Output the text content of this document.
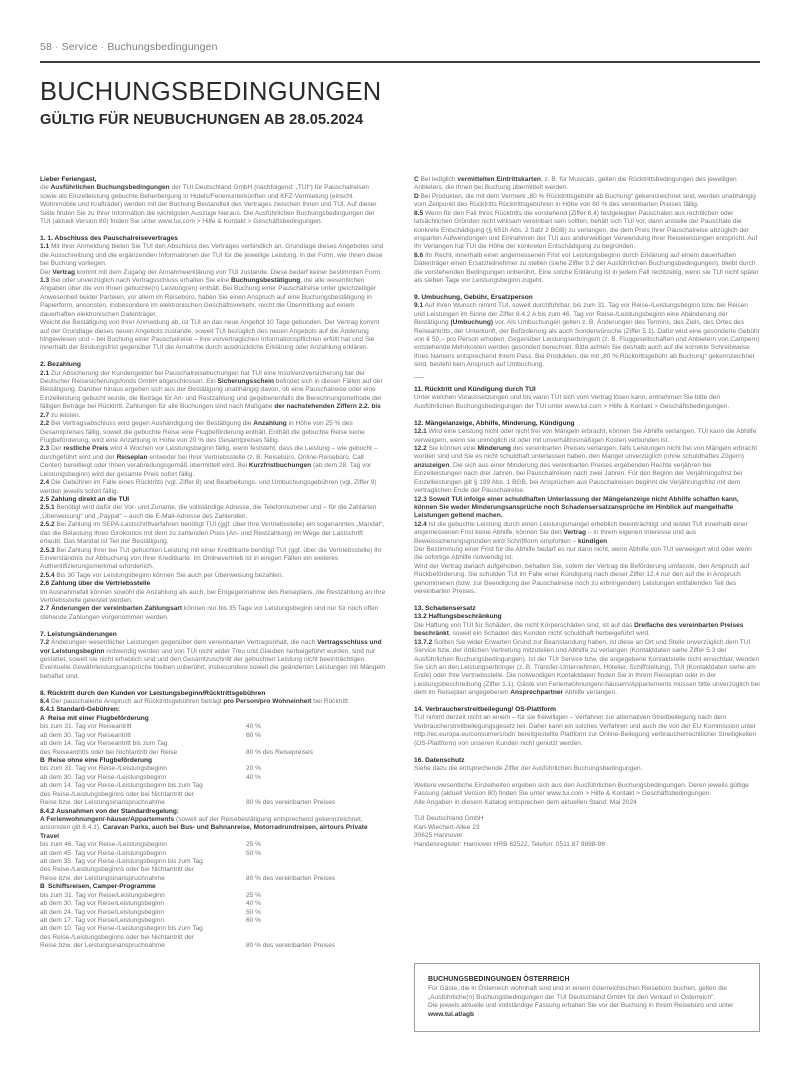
58 · Service · Buchungsbedingungen
BUCHUNGSBEDINGUNGEN
GÜLTIG FÜR NEUBUCHUNGEN AB 28.05.2024

Lieber Feriengast,

die Ausführlichen Buchungsbedingungen der TUI Deutschland GmbH (nachfolgend: „TUI“) für Pauschalreisen sowie als Einzelleistung gebuchte Beherbergung in Hotels/Ferienunterkünften und KFZ-Vermietung (einschl. Wohnmobile und Krafträder) werden mit der Buchung Bestandteil des Vertrages zwischen Ihnen und TUI. Auf dieser Seite finden Sie zu Ihrer Information die wichtigsten Auszüge hieraus. Die Ausführlichen Buchungsbedingungen der TUI (aktuell Version 80) finden Sie unter www.tui.com > Hilfe & Kontakt > Geschäftsbedingungen.

1. 1. Abschluss des Pauschalreisevertrages

1.1 Mit Ihrer Anmeldung bieten Sie TUI den Abschluss des Vertrages verbindlich an. Grundlage dieses Angebotes sind die Ausschreibung und die ergänzenden Informationen der TUI für die jeweilige Leistung, in der Form, wie Ihnen diese bei Buchung vorliegen.

Der Vertrag kommt mit dem Zugang der Annahmeerklärung von TUI zustande. Diese bedarf keiner bestimmten Form.

1.3 Bei oder unverzüglich nach Vertragsschluss erhalten Sie eine Buchungsbestätigung, die alle wesentlichen Angaben über die von Ihnen gebuchte(n) Leistung(en) enthält. Bei Buchung einer Pauschalreise unter gleichzeitiger Anwesenheit beider Parteien, vor allem im Reisebüro, haben Sie einen Anspruch auf eine Buchungsbestätigung in Papierform, ansonsten, insbesondere im elektronischen Geschäftsverkehr, reicht die Übermittlung auf einem dauerhaften elektronischen Datenträger.

Weicht die Bestätigung von Ihrer Anmeldung ab, ist TUI an das neue Angebot 10 Tage gebunden. Der Vertrag kommt auf der Grundlage dieses neuen Angebots zustande, soweit TUI bezüglich des neuen Angebots auf die Änderung hingewiesen und – bei Buchung einer Pauschalreise – ihre vorvertraglichen Informationspflichten erfüllt hat und Sie innerhalb der Bindungsfrist gegenüber TUI die Annahme durch ausdrückliche Erklärung oder Anzahlung erklären.

2. Bezahlung

2.1 Zur Absicherung der Kundengelder bei Pauschalreisebuchungen hat TUI eine Insolvenzversicherung bei der Deutscher Reisesicherungsfonds GmbH abgeschlossen. Ein Sicherungsschein befindet sich in diesen Fällen auf der Bestätigung. Darüber hinaus ergeben sich aus der Bestätigung unabhängig davon, ob eine Pauschalreise oder eine Einzelleistung gebucht wurde, die Beträge für An- und Restzahlung und gegebenenfalls die Berechnungsmethode der fälligen Beträge bei Rücktritt. Zahlungen für alle Buchungen sind nach Maßgabe der nachstehenden Ziffern 2.2. bis 2.7 zu leisten.

2.2 Bei Vertragsabschluss wird gegen Aushändigung der Bestätigung die Anzahlung in Höhe von 25 % des Gesamtpreises fällig, soweit die gebuchte Reise eine Flugbeförderung enthält. Enthält die gebuchte Reise keine Flugbeförderung, wird eine Anzahlung in Höhe von 20 % des Gesamtpreises fällig.

2.3 Der restliche Preis wird 4 Wochen vor Leistungsbeginn fällig, wenn feststeht, dass die Leistung – wie gebucht – durchgeführt wird und der Reiseplan entweder bei Ihrer Vertriebsstelle (z. B. Reisebüro, Online-Reisebüro, Call Center) bereitliegt oder Ihnen verabredungsgemäß übermittelt wird. Bei Kurzfristbuchungen (ab dem 28. Tag vor Leistungsbeginn) wird der gesamte Preis sofort fällig.

2.4 Die Gebühren im Falle eines Rücktritts (vgl. Ziffer 8) und Bearbeitungs- und Umbuchungsgebühren (vgl. Ziffer 9) werden jeweils sofort fällig.

2.5 Zahlung direkt an die TUI

2.5.1 Benötigt wird dafür der Vor- und Zuname, die vollständige Adresse, die Telefonnummer und – für die Zahlarten „Überweisung“ und „Paypal“ – auch die E-Mail-Adresse des Zahlenden.

2.5.2 Bei Zahlung im SEPA-Lastschriftverfahren benötigt TUI (ggf. über Ihre Vertriebsstelle) ein sogenanntes „Mandat“, das die Belastung Ihres Girokontos mit dem zu zahlenden Preis (An- und Restzahlung) im Wege der Lastschrift erlaubt. Das Mandat ist Teil der Bestätigung.

2.5.3 Bei Zahlung Ihrer bei TUI gebuchten Leistung mit einer Kreditkarte benötigt TUI (ggf. über die Vertriebsstelle) Ihr Einverständnis zur Abbuchung von Ihrer Kreditkarte. Im Onlinevertrieb ist in einigen Fällen ein weiteres Authentifizierungsmerkmal erforderlich.

2.5.4 Bis 30 Tage vor Leistungsbeginn können Sie auch per Überweisung bezahlen.

2.6 Zahlung über die Vertriebsstelle

Im Ausnahmefall können sowohl die Anzahlung als auch, bei Entgegennahme des Reiseplans, die Restzahlung an Ihre Vertriebsstelle geleistet werden.

2.7 Änderungen der vereinbarten Zahlungsart können nur bis 35 Tage vor Leistungsbeginn und nur für noch offen stehende Zahlungen vorgenommen werden.

7. Leistungsänderungen

7.2 Änderungen wesentlicher Leistungen gegenüber dem vereinbarten Vertragsinhalt, die nach Vertragsschluss und vor Leistungsbeginn notwendig werden und von TUI nicht wider Treu und Glauben herbeigeführt wurden, sind nur gestattet, soweit sie nicht erheblich sind und den Gesamtzuschnitt der gebuchten Leistung nicht beeinträchtigen. Eventuelle Gewährleistungsansprüche bleiben unberührt, insbesondere soweit die geänderten Leistungen mit Mängeln behaftet sind.

8. Rücktritt durch den Kunden vor Leistungsbeginn/Rücktrittsgebühren

8.4 Der pauschalierte Anspruch auf Rücktrittsgebühren beträgt pro Person/pro Wohneinheit bei Rücktritt:

8.4.1 Standard-Gebühren:

A Reise mit einer Flugbeförderung

bis zum 31. Tag vor Reiseantritt	40 %
ab dem 30. Tag vor Reiseantritt	60 %
ab dem 14. Tag vor Reiseantritt bis zum Tag
des Reiseantritts oder bei Nichtantritt der Reise	80 % des Reisepreises

B Reise ohne eine Flugbeförderung

bis zum 31. Tag vor Reise-/Leistungsbeginn	20 %
ab dem 30. Tag vor Reise-/Leistungsbeginn	40 %
ab dem 14. Tag vor Reise-/Leistungsbeginn bis zum Tag
des Reise-/Leistungsbeginns oder bei Nichtantritt der
Reise bzw. der Leistungsinanspruchnahme	80 % des vereinbarten Preises

8.4.2 Ausnahmen von der Standardregelung:

A Ferienwohnungen/-häuser/Appartements (soweit auf der Reisebestätigung entsprechend gekennzeichnet, ansonsten gilt 8.4.1), Caravan Parks, auch bei Bus- und Bahnanreise, Motorradrundreisen, airtours Private Travel

bis zum 46. Tag vor Reise-/Leistungsbeginn	25 %
ab dem 45. Tag vor Reise-/Leistungsbeginn	50 %
ab dem 35. Tag vor Reise-/Leistungsbeginn bis zum Tag
des Reise-/Leistungsbeginns oder bei Nichtantritt der
Reise bzw. der Leistungsinanspruchnahme	80 % des vereinbarten Preises

B Schiffsreisen, Camper-Programme

bis zum 31. Tag vor Reise/Leistungsbeginn	25 %
ab dem 30. Tag vor Reise/Leistungsbeginn	40 %
ab dem 24. Tag vor Reise/Leistungsbeginn	50 %
ab dem 17. Tag vor Reise/Leistungsbeginn	60 %
ab dem 10. Tag vor Reise-/Leistungsbeginn bis zum Tag
des Reise-/Leistungsbeginns oder bei Nichtantritt der
Reise bzw. der Leistungsinanspruchnahme	80 % des vereinbarten Preises

C Bei lediglich vermittelten Eintrittskarten, z. B. für Musicals, gelten die Rücktrittsbedingungen des jeweiligen Anbieters, die Ihnen bei Buchung übermittelt werden.

D Bei Produkten, die mit dem Vermerk „80 % Rücktrittsgebühr ab Buchung“ gekennzeichnet sind, werden unabhängig vom Zeitpunkt des Rücktritts Rücktrittsgebühren in Höhe von 80 % des vereinbarten Preises fällig.

8.5 Wenn für den Fall Ihres Rücktritts die vorstehend (Ziffer 8.4) festgelegten Pauschalen aus rechtlichen oder tatsächlichen Gründen nicht wirksam vereinbart sein sollten, behält sich TUI vor, dann anstelle der Pauschale die konkrete Entschädigung (§ 651h Abs. 2 Satz 2 BGB) zu verlangen, die dem Preis Ihrer Pauschalreise abzüglich der ersparten Aufwendungen und Einnahmen der TUI aus anderweitiger Verwendung Ihrer Reiseleistungen entspricht. Auf Ihr Verlangen hat TUI die Höhe der konkreten Entschädigung zu begründen.

8.6 Ihr Recht, innerhalb einer angemessenen Frist vor Leistungsbeginn durch Erklärung auf einem dauerhaften Datenträger einen Ersatzteilnehmer zu stellen (siehe Ziffer 9.2 der Ausführlichen Buchungsbedingungen), bleibt durch die vorstehenden Bedingungen unberührt. Eine solche Erklärung ist in jedem Fall rechtzeitig, wenn sie TUI nicht später als sieben Tage vor Leistungsbeginn zugeht.

9. Umbuchung, Gebühr, Ersatzperson

9.1 Auf Ihren Wunsch nimmt TUI, soweit durchführbar, bis zum 31. Tag vor Reise-/Leistungsbeginn bzw. bei Reisen und Leistungen im Sinne der Ziffer 8.4.2 A bis zum 46. Tag vor Reise-/Leistungsbeginn eine Abänderung der Bestätigung (Umbuchung) vor. Als Umbuchungen gelten z. B. Änderungen des Termins, des Ziels, des Ortes des Reiseantritts, der Unterkunft, der Beförderung als auch Sonderwünsche (Ziffer 5.1). Dafür wird eine gesonderte Gebühr von € 50,– pro Person erhoben. Gegenüber Leistungserbringem (z. B. Fluggesellschaften und Anbietern von Campern) entstehende Mehrkosten werden gesondert berechnet. Bitte achten Sie deshalb auch auf die korrekte Schreibweise Ihres Namens entsprechend Ihrem Pass. Bei Produkten, die mit „80 % Rücktrittsgebühr ab Buchung“ gekennzeichnet sind, besteht kein Anspruch auf Umbuchung.

11. Rücktritt und Kündigung durch TUI

Unter welchen Voraussetzungen und bis wann TUI sich vom Vertrag lösen kann, entnehmen Sie bitte den Ausführlichen Buchungsbedingungen der TUI unter www.tui.com > Hilfe & Kontakt > Geschäftsbedingungen.

12. Mängelanzeige, Abhilfe, Minderung, Kündigung

12.1 Wird eine Leistung nicht oder nicht frei von Mängeln erbracht, können Sie Abhilfe verlangen. TUI kann die Abhilfe verweigern, wenn sie unmöglich ist oder mit unverhältnismäßigen Kosten verbunden ist.

12.2 Sie können eine Minderung des vereinbarten Preises verlangen, falls Leistungen nicht frei von Mängeln erbracht worden sind und Sie es nicht schuldhaft unterlassen haben, den Mangel unverzüglich (ohne schuldhaftes Zögern) anzuzeigen. Die sich aus einer Minderung des vereinbarten Preises ergebenden Rechte verjähren bei Einzelleistungen nach drei Jahren, bei Pauschalreisen nach zwei Jahren. Für den Beginn der Verjährungsfrist bei Einzelleistungen gilt § 199 Abs. 1 BGB, bei Ansprüchen aus Pauschalreisen beginnt die Verjährungsfrist mit dem vertraglichen Ende der Pauschalreise.

12.3 Soweit TUI infolge einer schuldhaften Unterlassung der Mängelanzeige nicht Abhilfe schaffen kann, können Sie weder Minderungsansprüche noch Schadensersatzansprüche im Hinblick auf mangelhafte Leistungen geltend machen.

12.4 Ist die gebuchte Leistung durch einen Leistungsmangel erheblich beeinträchtigt und leistet TUI innerhalb einer angemessenen Frist keine Abhilfe, können Sie den Vertrag – in Ihrem eigenen Interesse und aus Beweissicherungsgründen wird Schriftform empfohlen – kündigen.

Der Bestimmung einer Frist für die Abhilfe bedarf es nur dann nicht, wenn Abhilfe von TUI verweigert wird oder wenn die sofortige Abhilfe notwendig ist.

Wird der Vertrag danach aufgehoben, behalten Sie, sofern der Vertrag die Beförderung umfasste, den Anspruch auf Rückbeförderung. Sie schulden TUI im Falle einer Kündigung nach dieser Ziffer 12.4 nur den auf die in Anspruch genommenen (bzw. zur Beendigung der Pauschalreise noch zu erbringenden) Leistungen entfallenden Teil des vereinbarten Preises.

13. Schadensersatz

13.2 Haftungsbeschränkung

Die Haftung von TUI für Schäden, die nicht Körperschäden sind, ist auf das Dreifache des vereinbarten Preises beschränkt, soweit ein Schaden des Kunden nicht schuldhaft herbeigeführt wird.

13.7.2 Sollten Sie wider Erwarten Grund zur Beanstandung haben, ist diese an Ort und Stelle unverzüglich dem TUI Service bzw. der örtlichen Vertretung mitzuteilen und Abhilfe zu verlangen (Kontaktdaten siehe Ziffer 5.3 der Ausführlichen Buchungsbedingungen). Ist der TUI Service bzw. die angegebene Kontaktstelle nicht erreichbar, wenden Sie sich an den Leistungserbringer (z. B. Transfer-Unternehmen, Hotelier, Schiffsleitung), TUI (Kontaktdaten siehe am Ende) oder Ihre Vertriebsstelle. Die notwendigen Kontaktdaten finden Sie in Ihrem Reiseplan oder in der Leistungsbeschreibung (Ziffer 1.1). Gäste von Ferienwohnungen/-häusern/Appartements müssen bitte unverzüglich bei dem im Reiseplan angegebenen Ansprechpartner Abhilfe verlangen.

14. Verbraucherstreitbeilegung/ OS-Plattform

TUI nimmt derzeit nicht an einem – für sie freiwilligen – Verfahren zur alternativen Streitbeilegung nach dem Verbraucherstreitbeilegungsgesetz teil. Daher kann ein solches Verfahren und auch die von der EU Kommission unter http://ec.europa.eu/consumers/odr/ bereitgestellte Plattform zur Online-Beilegung verbraucherrechtlicher Streitigkeiten (OS-Plattform) von unseren Kunden nicht genutzt werden.

16. Datenschutz

Siehe dazu die entsprechende Ziffer der Ausführlichen Buchungsbedingungen.

Weitere wesentliche Einzelheiten ergeben sich aus den Ausführlichen Buchungsbedingungen. Deren jeweils gültige Fassung (aktuell Version 80) finden Sie unter www.tui.com > Hilfe & Kontakt > Geschäftsbedingungen.

Alle Angaben in diesem Katalog entsprechen dem aktuellen Stand: Mai 2024

TUI Deutschland GmbH
Karl-Wiechert-Allee 23
30625 Hannover
Handelsregister: Hannover HRB 62522, Telefon: 0511 87 9898-98

BUCHUNGSBEDINGUNGEN ÖSTERREICH

Für Gäste, die in Österreich wohnhaft sind und in einem österreichischen Reisebüro buchen, gelten die „Ausführliche(n) Buchungsbedingungen der TUI Deutschland GmbH für den Verkauf in Österreich“.

Die jeweils aktuelle und vollständige Fassung erhalten Sie vor der Buchung in Ihrem Reisebüro und unter www.tui.at/agb
